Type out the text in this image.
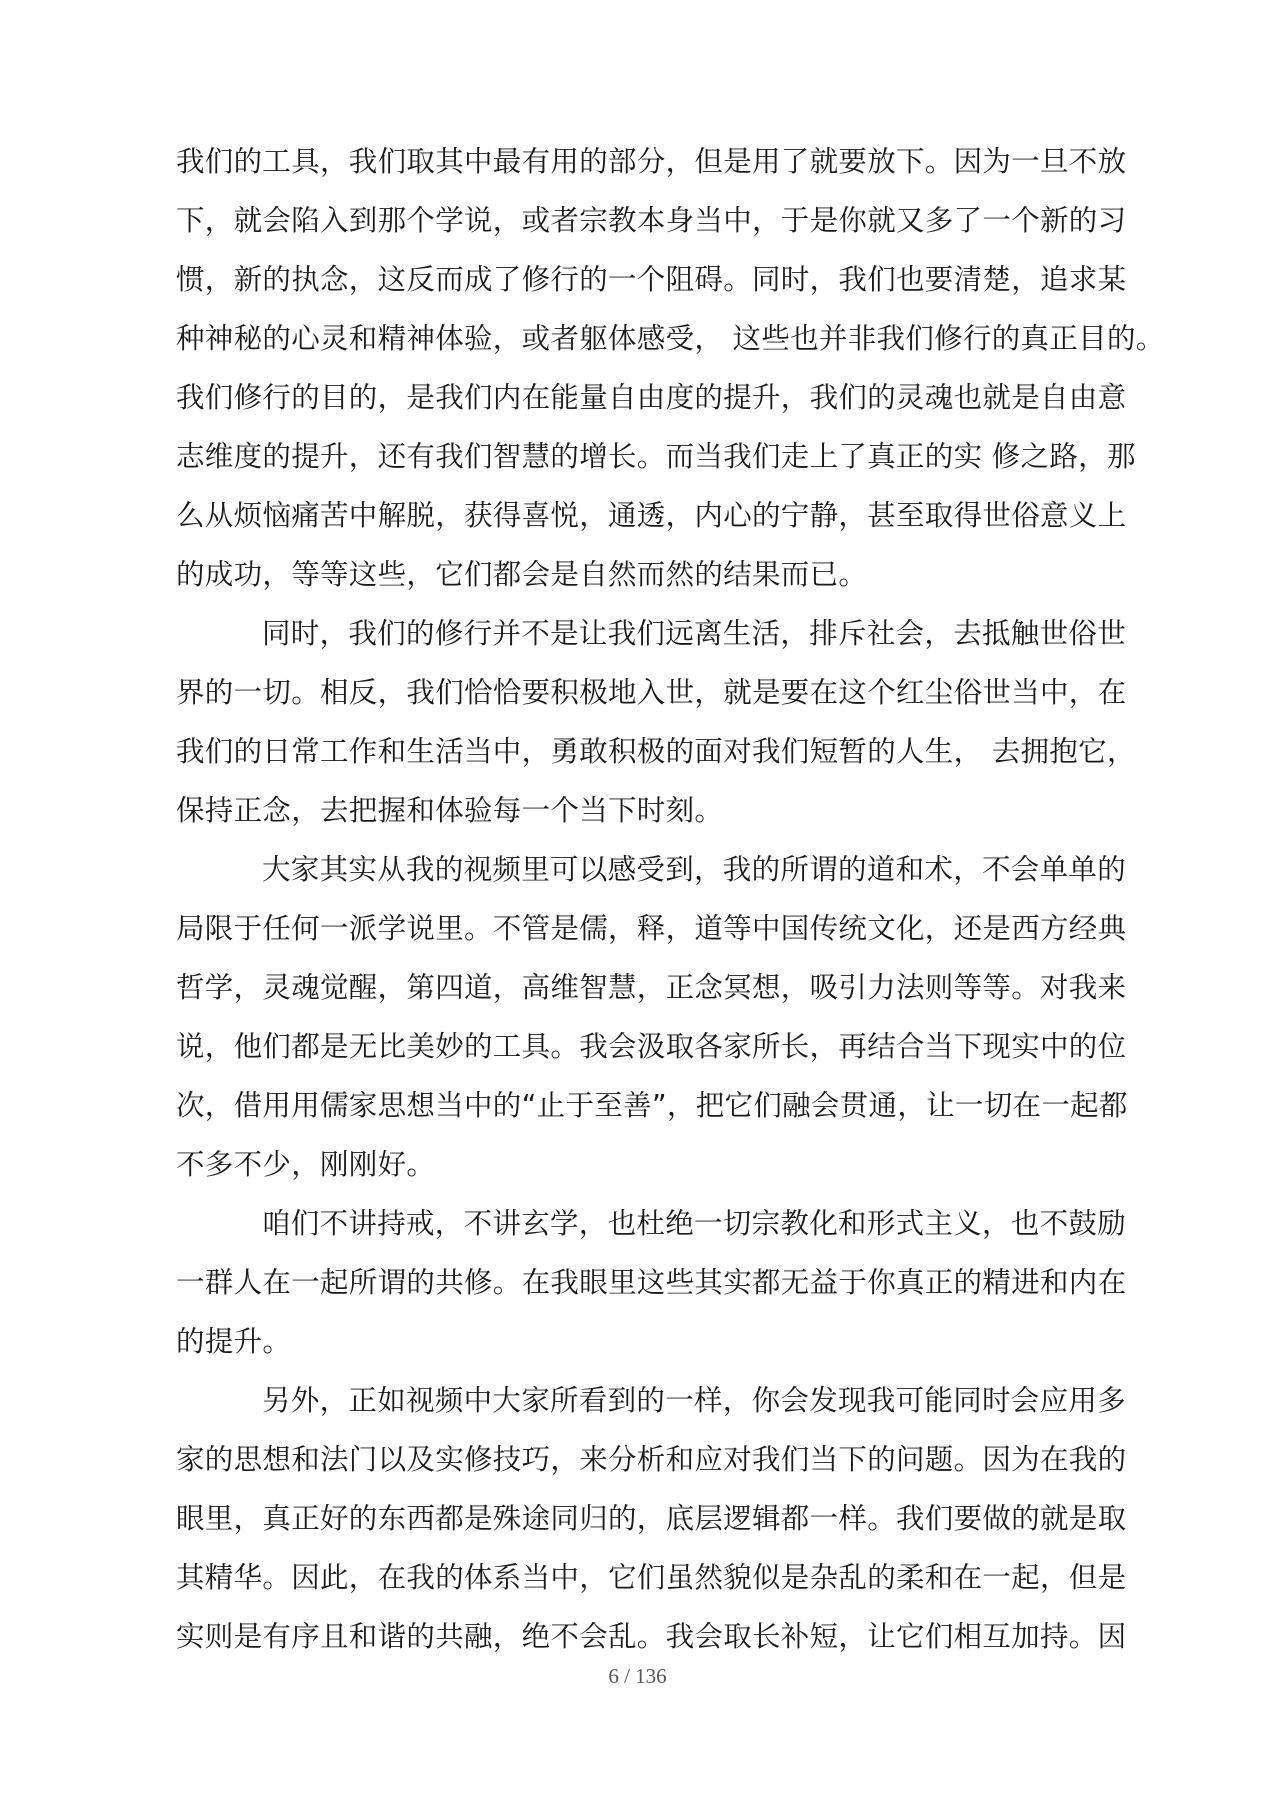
我们的工具，我们取其中最有用的部分，但是用了就要放下。因为一旦不放
下，就会陷入到那个学说，或者宗教本身当中，于是你就又多了一个新的习
惯，新的执念，这反而成了修行的一个阻碍。同时，我们也要清楚，追求某
种神秘的心灵和精神体验，或者躯体感受， 这些也并非我们修行的真正目的。
我们修行的目的，是我们内在能量自由度的提升，我们的灵魂也就是自由意
志维度的提升，还有我们智慧的增长。而当我们走上了真正的实 修之路，那
么从烦恼痛苦中解脱，获得喜悦，通透，内心的宁静，甚至取得世俗意义上
的成功，等等这些，它们都会是自然而然的结果而已。
同时，我们的修行并不是让我们远离生活，排斥社会，去抵触世俗世
界的一切。相反，我们恰恰要积极地入世，就是要在这个红尘俗世当中，在
我们的日常工作和生活当中，勇敢积极的面对我们短暂的人生， 去拥抱它，
保持正念，去把握和体验每一个当下时刻。
大家其实从我的视频里可以感受到，我的所谓的道和术，不会单单的
局限于任何一派学说里。不管是儒，释，道等中国传统文化，还是西方经典
哲学，灵魂觉醒，第四道，高维智慧，正念冥想，吸引力法则等等。对我来
说，他们都是无比美妙的工具。我会汲取各家所长，再结合当下现实中的位
次，借用用儒家思想当中的“止于至善”，把它们融会贯通，让一切在一起都
不多不少，刚刚好。
咱们不讲持戒，不讲玄学，也杜绝一切宗教化和形式主义，也不鼓励
一群人在一起所谓的共修。在我眼里这些其实都无益于你真正的精进和内在
的提升。
另外，正如视频中大家所看到的一样，你会发现我可能同时会应用多
家的思想和法门以及实修技巧，来分析和应对我们当下的问题。因为在我的
眼里，真正好的东西都是殊途同归的，底层逻辑都一样。我们要做的就是取
其精华。因此，在我的体系当中，它们虽然貌似是杂乱的柔和在一起，但是
实则是有序且和谐的共融，绝不会乱。我会取长补短，让它们相互加持。因
6 / 136
